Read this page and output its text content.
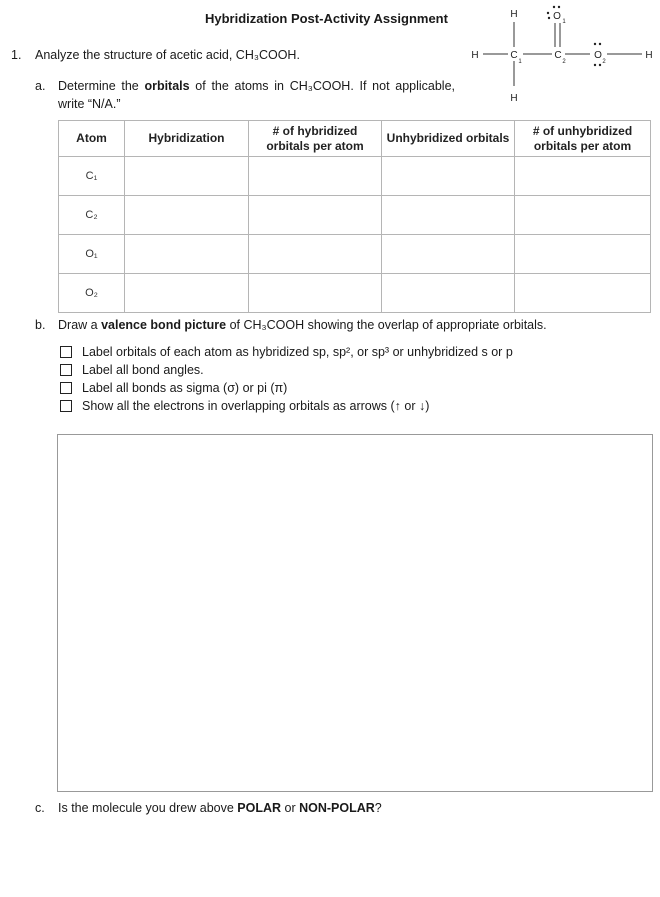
Hybridization Post-Activity Assignment
1. Analyze the structure of acetic acid, CH₃COOH.
a. Determine the orbitals of the atoms in CH₃COOH. If not applicable, write “N/A.”
H
H
H
H
C
1
C
2
O 1
O
2
Atom	Hybridization	# of hybridized orbitals per atom	Unhybridized orbitals	# of unhybridized orbitals per atom
C₁				
C₂				
O₁				
O₂				
b. Draw a valence bond picture of CH₃COOH showing the overlap of appropriate orbitals.
Label orbitals of each atom as hybridized sp, sp², or sp³ or unhybridized s or p
Label all bond angles.
Label all bonds as sigma (σ) or pi (π)
Show all the electrons in overlapping orbitals as arrows (↑ or ↓)
c. Is the molecule you drew above POLAR or NON-POLAR?
